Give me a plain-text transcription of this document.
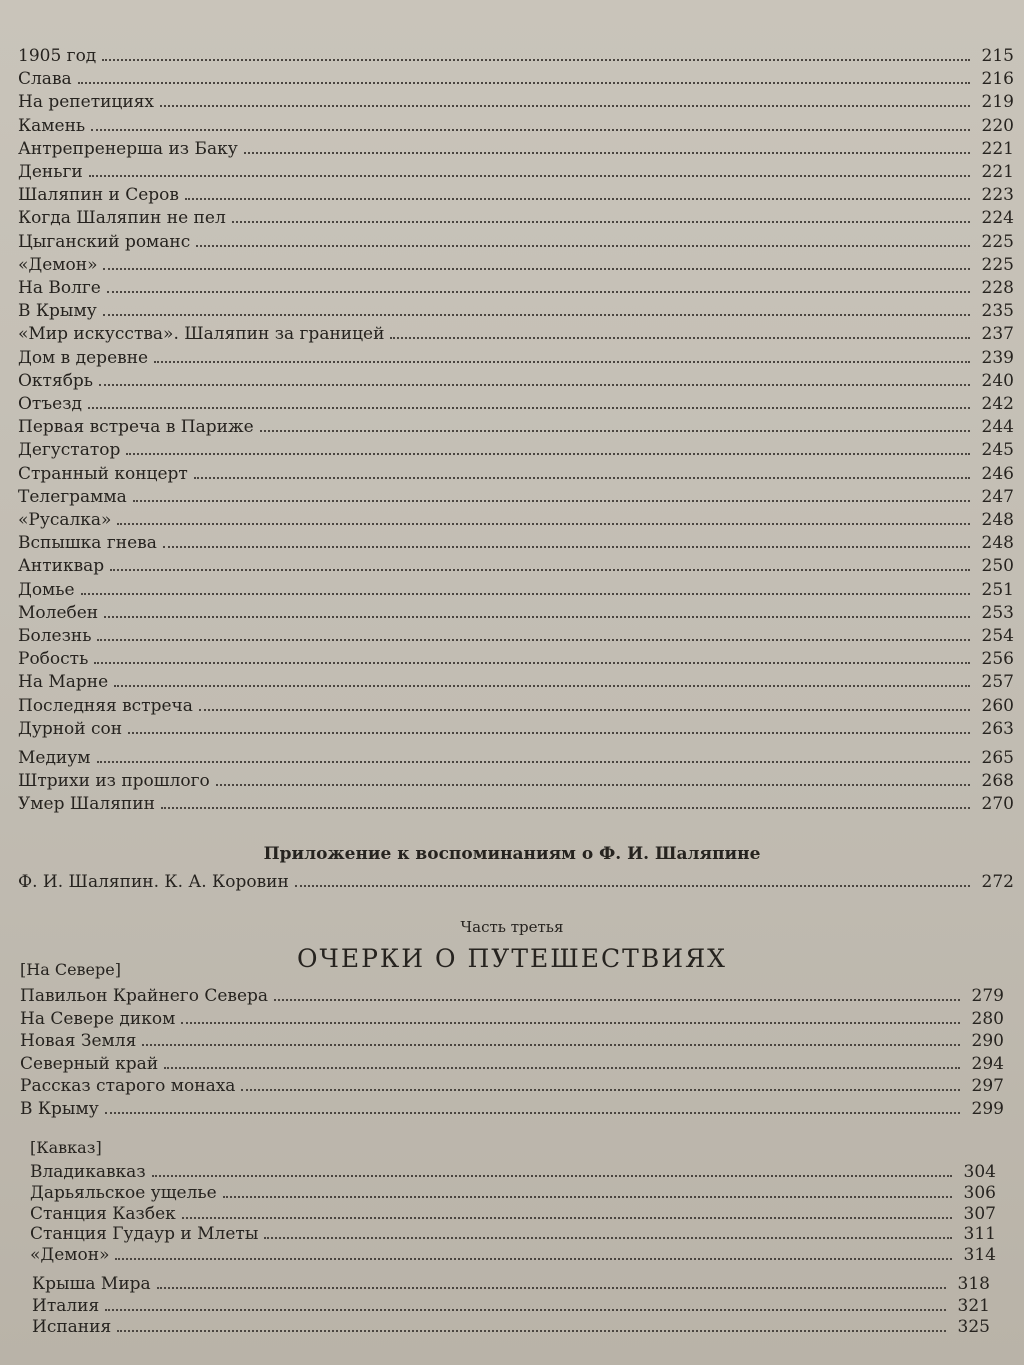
1905 год	215
Слава	216
На репетициях	219
Камень	220
Антрепренерша из Баку	221
Деньги	221
Шаляпин и Серов	223
Когда Шаляпин не пел	224
Цыганский романс	225
«Демон»	225
На Волге	228
В Крыму	235
«Мир искусства». Шаляпин за границей	237
Дом в деревне	239
Октябрь	240
Отъезд	242
Первая встреча в Париже	244
Дегустатор	245
Странный концерт	246
Телеграмма	247
«Русалка»	248
Вспышка гнева	248
Антиквар	250
Домье	251
Молебен	253
Болезнь	254
Робость	256
На Марне	257
Последняя встреча	260
Дурной сон	263
Медиум	265
Штрихи из прошлого	268
Умер Шаляпин	270
Приложение к воспоминаниям о Ф. И. Шаляпине
Ф. И. Шаляпин. К. А. Коровин	272
Часть третья
ОЧЕРКИ О ПУТЕШЕСТВИЯХ
[На Севере]
Павильон Крайнего Севера	279
На Севере диком	280
Новая Земля	290
Северный край	294
Рассказ старого монаха	297
В Крыму	299
[Кавказ]
Владикавказ	304
Дарьяльское ущелье	306
Станция Казбек	307
Станция Гудаур и Млеты	311
«Демон»	314
Крыша Мира	318
Италия	321
Испания	325
